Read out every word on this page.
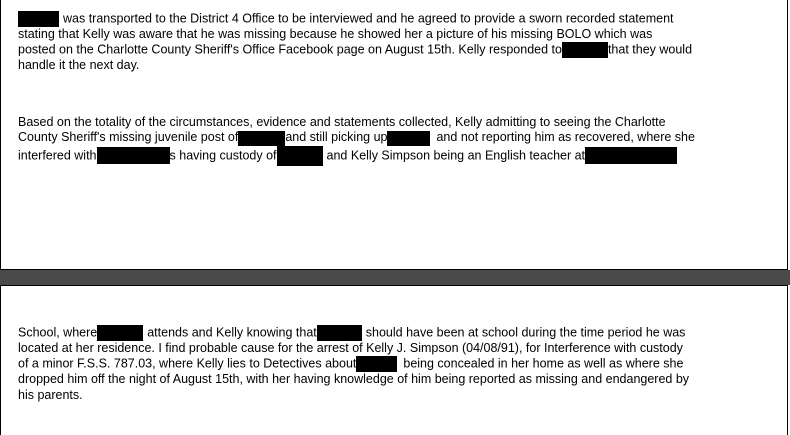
was transported to the District 4 Office to be interviewed and he agreed to provide a sworn recorded statement
stating that Kelly was aware that he was missing because he showed her a picture of his missing BOLO which was
posted on the Charlotte County Sheriff's Office Facebook page on August 15th. Kelly responded to	that they would
handle it the next day.
Based on the totality of the circumstances, evidence and statements collected, Kelly admitting to seeing the Charlotte
County Sheriff's missing juvenile post of	and still picking up	and not reporting him as recovered, where she
interfered with	s having custody of	and Kelly Simpson being an English teacher at
School, where	attends and Kelly knowing that	should have been at school during the time period he was
located at her residence. I find probable cause for the arrest of Kelly J. Simpson (04/08/91), for Interference with custody
of a minor F.S.S. 787.03, where Kelly lies to Detectives about	being concealed in her home as well as where she
dropped him off the night of August 15th, with her having knowledge of him being reported as missing and endangered by
his parents.
